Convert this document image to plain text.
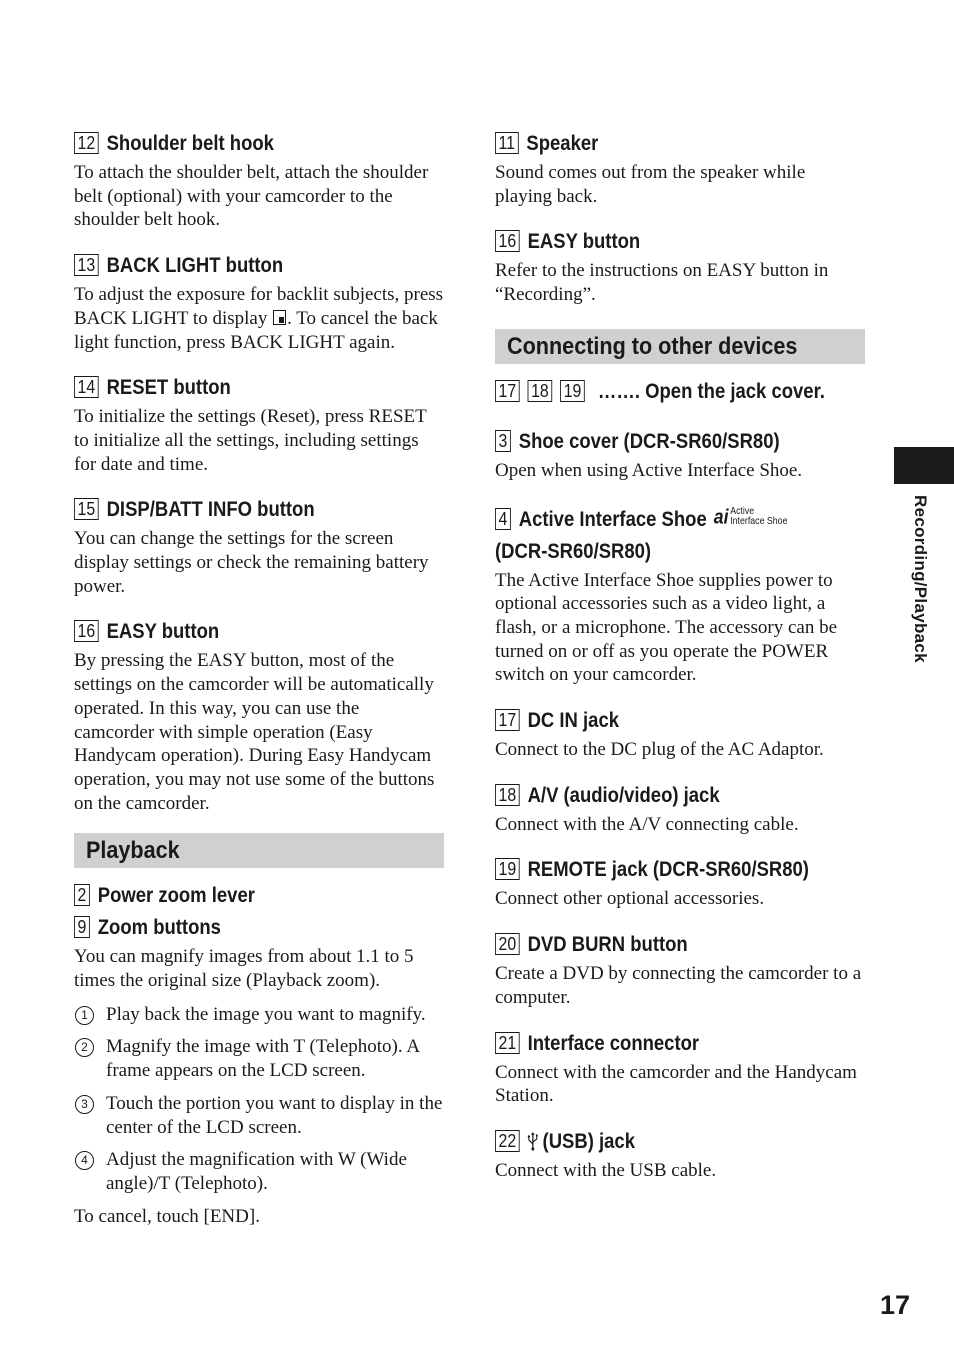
12 Shoulder belt hook
To attach the shoulder belt, attach the shoulder belt (optional) with your camcorder to the shoulder belt hook.
13 BACK LIGHT button
To adjust the exposure for backlit subjects, press BACK LIGHT to display . To cancel the back light function, press BACK LIGHT again.
14 RESET button
To initialize the settings (Reset), press RESET to initialize all the settings, including settings for date and time.
15 DISP/BATT INFO button
You can change the settings for the screen display settings or check the remaining battery power.
16 EASY button
By pressing the EASY button, most of the settings on the camcorder will be automatically operated. In this way, you can use the camcorder with simple operation (Easy Handycam operation). During Easy Handycam operation, you may not use some of the buttons on the camcorder.
Playback
2 Power zoom lever
9 Zoom buttons
You can magnify images from about 1.1 to 5 times the original size (Playback zoom).
1 Play back the image you want to magnify.
2 Magnify the image with T (Telephoto). A frame appears on the LCD screen.
3 Touch the portion you want to display in the center of the LCD screen.
4 Adjust the magnification with W (Wide angle)/T (Telephoto).
To cancel, touch [END].
11 Speaker
Sound comes out from the speaker while playing back.
16 EASY button
Refer to the instructions on EASY button in “Recording”.
Connecting to other devices
17 18 19 ……. Open the jack cover.
3 Shoe cover (DCR-SR60/SR80)
Open when using Active Interface Shoe.
4 Active Interface Shoe ai Active
Interface Shoe
(DCR-SR60/SR80)
The Active Interface Shoe supplies power to optional accessories such as a video light, a flash, or a microphone. The accessory can be turned on or off as you operate the POWER switch on your camcorder.
17 DC IN jack
Connect to the DC plug of the AC Adaptor.
18 A/V (audio/video) jack
Connect with the A/V connecting cable.
19 REMOTE jack (DCR-SR60/SR80)
Connect other optional accessories.
20 DVD BURN button
Create a DVD by connecting the camcorder to a computer.
21 Interface connector
Connect with the camcorder and the Handycam Station.
22 (USB) jack
Connect with the USB cable.
Recording/Playback
17
